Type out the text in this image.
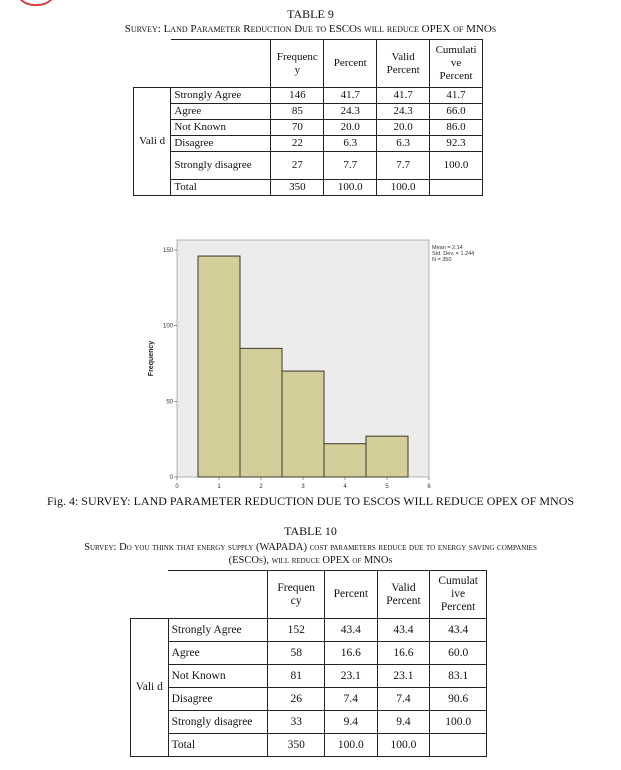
TABLE 9
Survey: Land Parameter Reduction Due to ESCOs will reduce OPEX of MNOs
		Frequenc y	Percent	Valid Percent	Cumulati ve Percent
Vali d	Strongly Agree	146	41.7	41.7	41.7
	Agree	85	24.3	24.3	66.0
	Not Known	70	20.0	20.0	86.0
	Disagree	22	6.3	6.3	92.3
	Strongly disagree	27	7.7	7.7	100.0
	Total	350	100.0	100.0	
0	1	2	3	4	5	6
0
50
100
150
Frequency
Mean = 2.14
Std. Dev. = 1.244
N = 350
Fig. 4: SURVEY: LAND PARAMETER REDUCTION DUE TO ESCOS WILL REDUCE OPEX OF MNOS
TABLE 10
Survey: Do you think that energy supply (WAPADA) cost parameters reduce due to energy saving companies
(ESCOs), will reduce OPEX of MNOs
		Frequen cy	Percent	Valid Percent	Cumulat ive Percent
Vali d	Strongly Agree	152	43.4	43.4	43.4
	Agree	58	16.6	16.6	60.0
	Not Known	81	23.1	23.1	83.1
	Disagree	26	7.4	7.4	90.6
	Strongly disagree	33	9.4	9.4	100.0
	Total	350	100.0	100.0	
